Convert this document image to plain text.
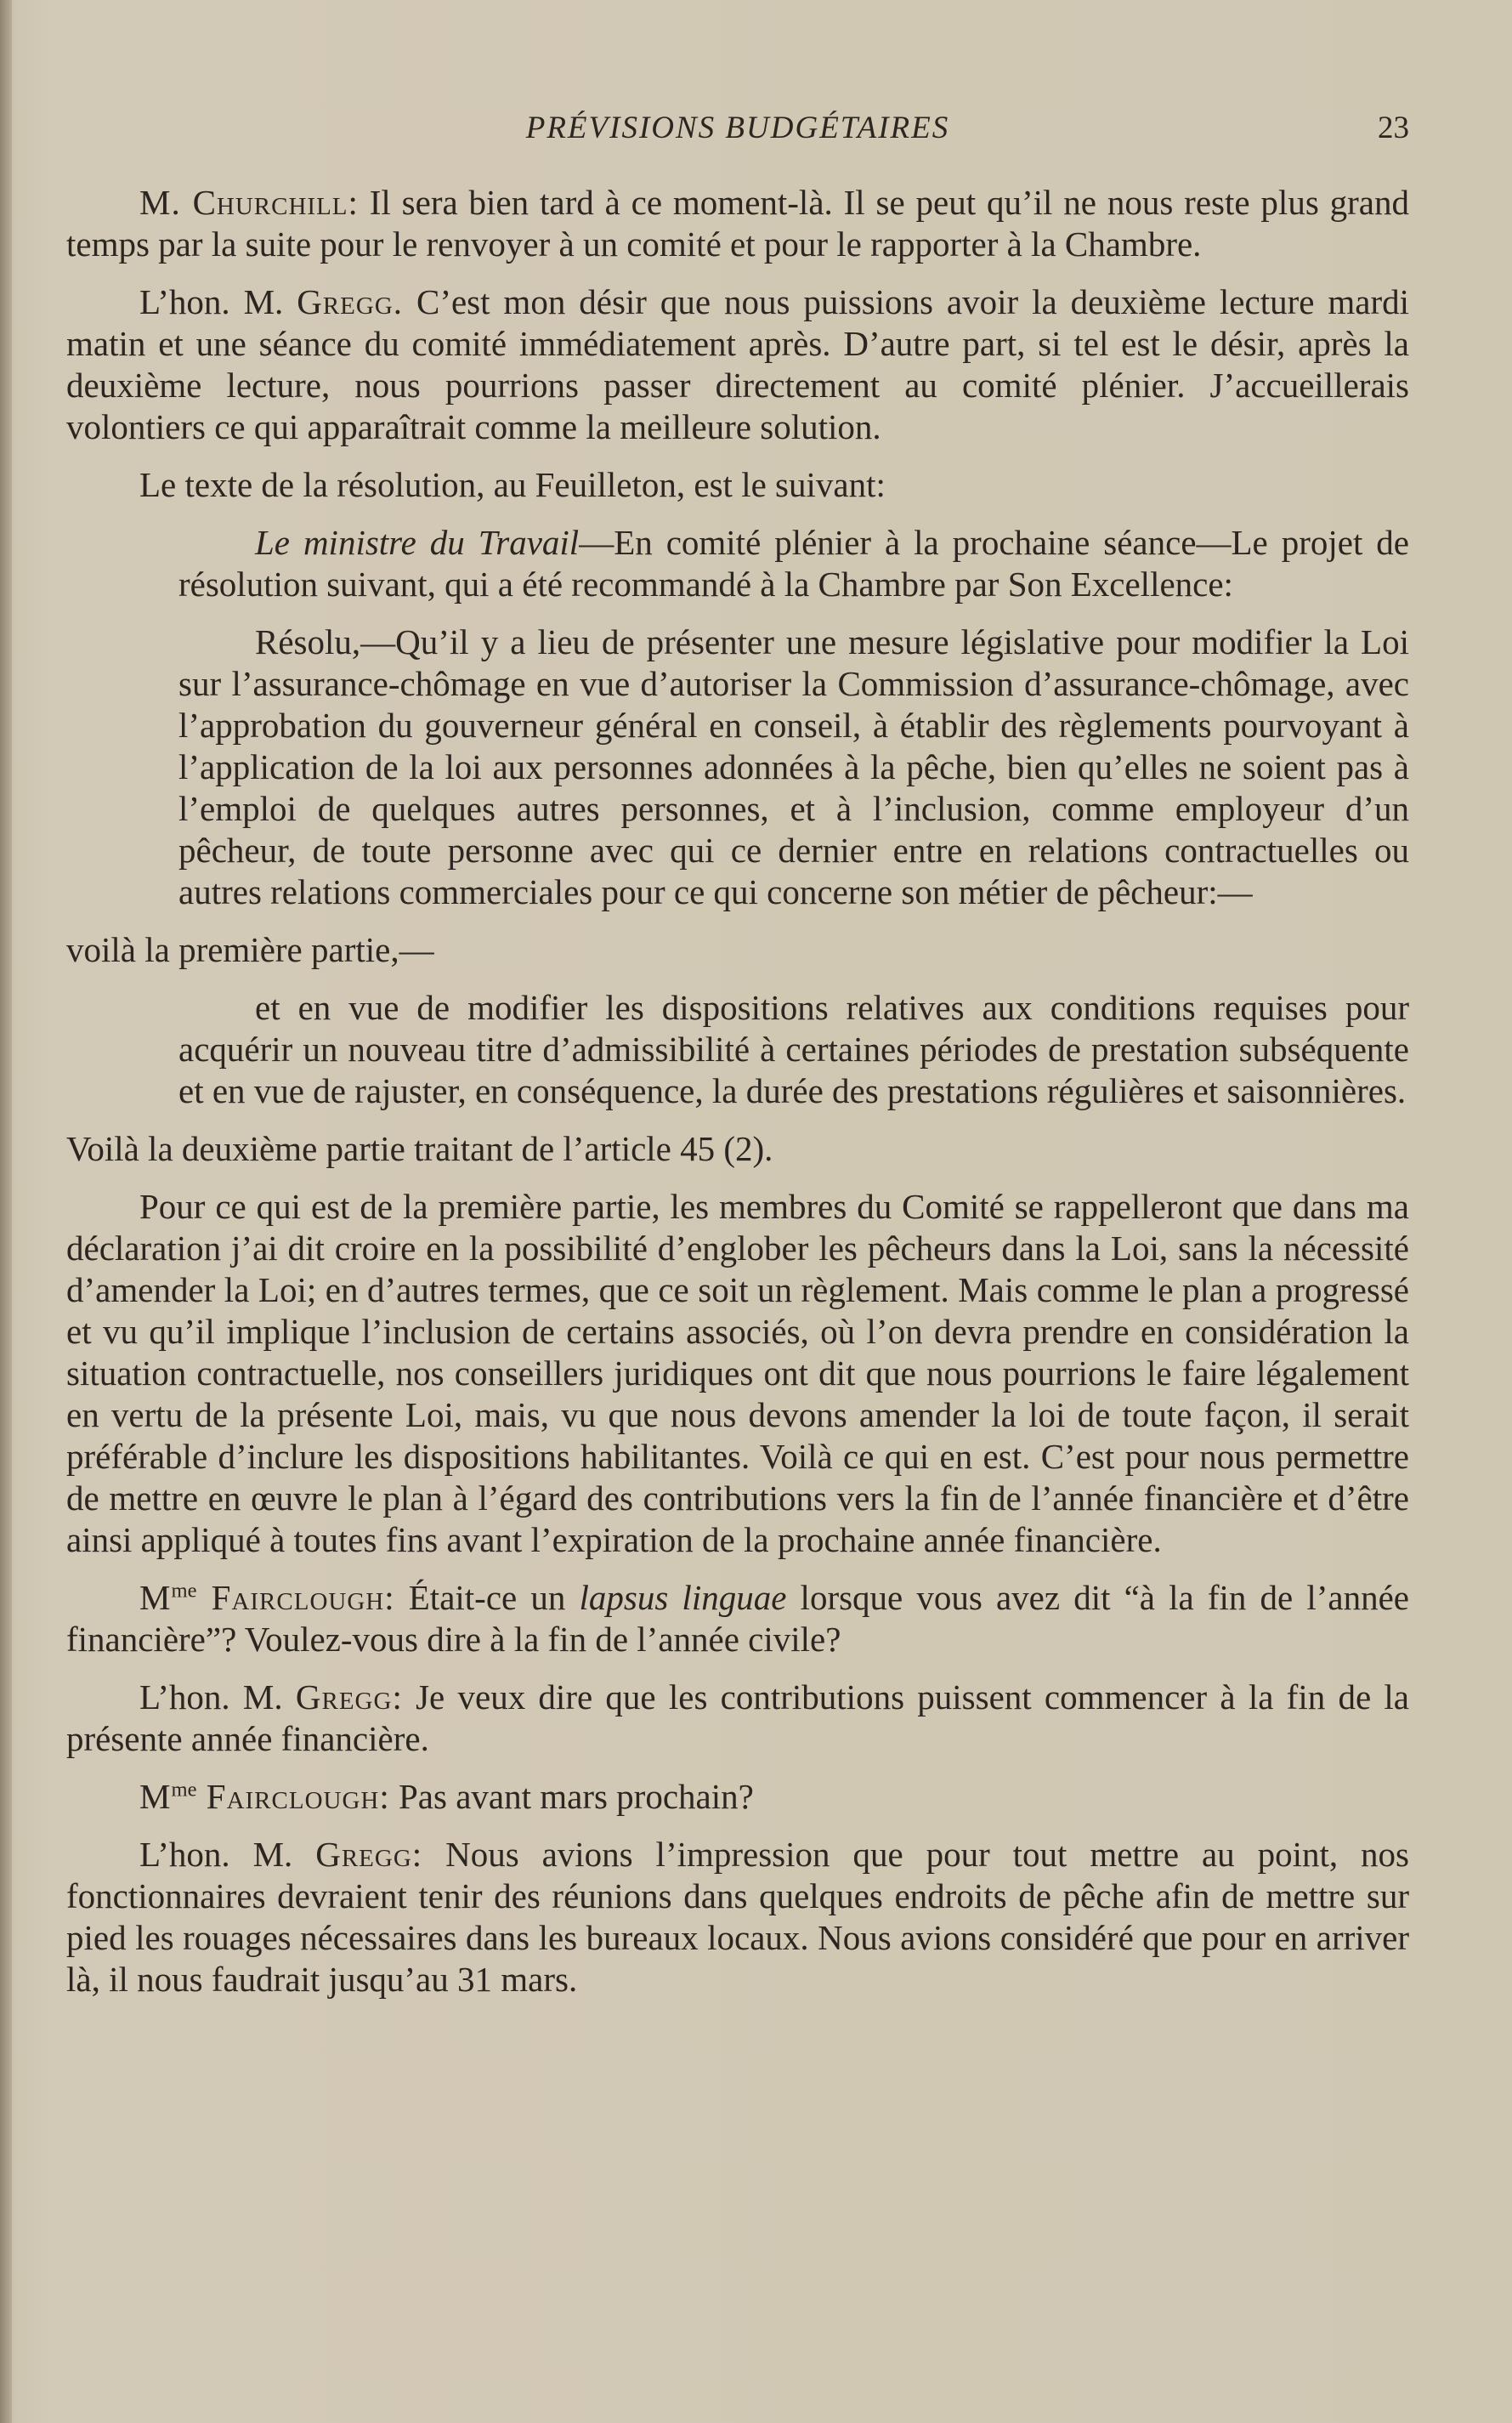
PRÉVISIONS BUDGÉTAIRES	23

M. Churchill: Il sera bien tard à ce moment-là. Il se peut qu’il ne nous reste plus grand temps par la suite pour le renvoyer à un comité et pour le rapporter à la Chambre.

L’hon. M. Gregg. C’est mon désir que nous puissions avoir la deuxième lecture mardi matin et une séance du comité immédiatement après. D’autre part, si tel est le désir, après la deuxième lecture, nous pourrions passer directement au comité plénier. J’accueillerais volontiers ce qui apparaîtrait comme la meilleure solution.

Le texte de la résolution, au Feuilleton, est le suivant:

Le ministre du Travail—En comité plénier à la prochaine séance—Le projet de résolution suivant, qui a été recommandé à la Chambre par Son Excellence:

Résolu,—Qu’il y a lieu de présenter une mesure législative pour modifier la Loi sur l’assurance-chômage en vue d’autoriser la Commission d’assurance-chômage, avec l’approbation du gouverneur général en conseil, à établir des règlements pourvoyant à l’application de la loi aux personnes adonnées à la pêche, bien qu’elles ne soient pas à l’emploi de quelques autres personnes, et à l’inclusion, comme employeur d’un pêcheur, de toute personne avec qui ce dernier entre en relations contractuelles ou autres relations commerciales pour ce qui concerne son métier de pêcheur:—

voilà la première partie,—

et en vue de modifier les dispositions relatives aux conditions requises pour acquérir un nouveau titre d’admissibilité à certaines périodes de prestation subséquente et en vue de rajuster, en conséquence, la durée des prestations régulières et saisonnières.

Voilà la deuxième partie traitant de l’article 45 (2).

Pour ce qui est de la première partie, les membres du Comité se rappelleront que dans ma déclaration j’ai dit croire en la possibilité d’englober les pêcheurs dans la Loi, sans la nécessité d’amender la Loi; en d’autres termes, que ce soit un règlement. Mais comme le plan a progressé et vu qu’il implique l’inclusion de certains associés, où l’on devra prendre en considération la situation contractuelle, nos conseillers juridiques ont dit que nous pourrions le faire légalement en vertu de la présente Loi, mais, vu que nous devons amender la loi de toute façon, il serait préférable d’inclure les dispositions habilitantes. Voilà ce qui en est. C’est pour nous permettre de mettre en œuvre le plan à l’égard des contributions vers la fin de l’année financière et d’être ainsi appliqué à toutes fins avant l’expiration de la prochaine année financière.

$M^{me}$ Fairclough: Était-ce un lapsus linguae lorsque vous avez dit “à la fin de l’année financière”? Voulez-vous dire à la fin de l’année civile?

L’hon. M. Gregg: Je veux dire que les contributions puissent commencer à la fin de la présente année financière.

$M^{me}$ Fairclough: Pas avant mars prochain?

L’hon. M. Gregg: Nous avions l’impression que pour tout mettre au point, nos fonctionnaires devraient tenir des réunions dans quelques endroits de pêche afin de mettre sur pied les rouages nécessaires dans les bureaux locaux. Nous avions considéré que pour en arriver là, il nous faudrait jusqu’au 31 mars.
